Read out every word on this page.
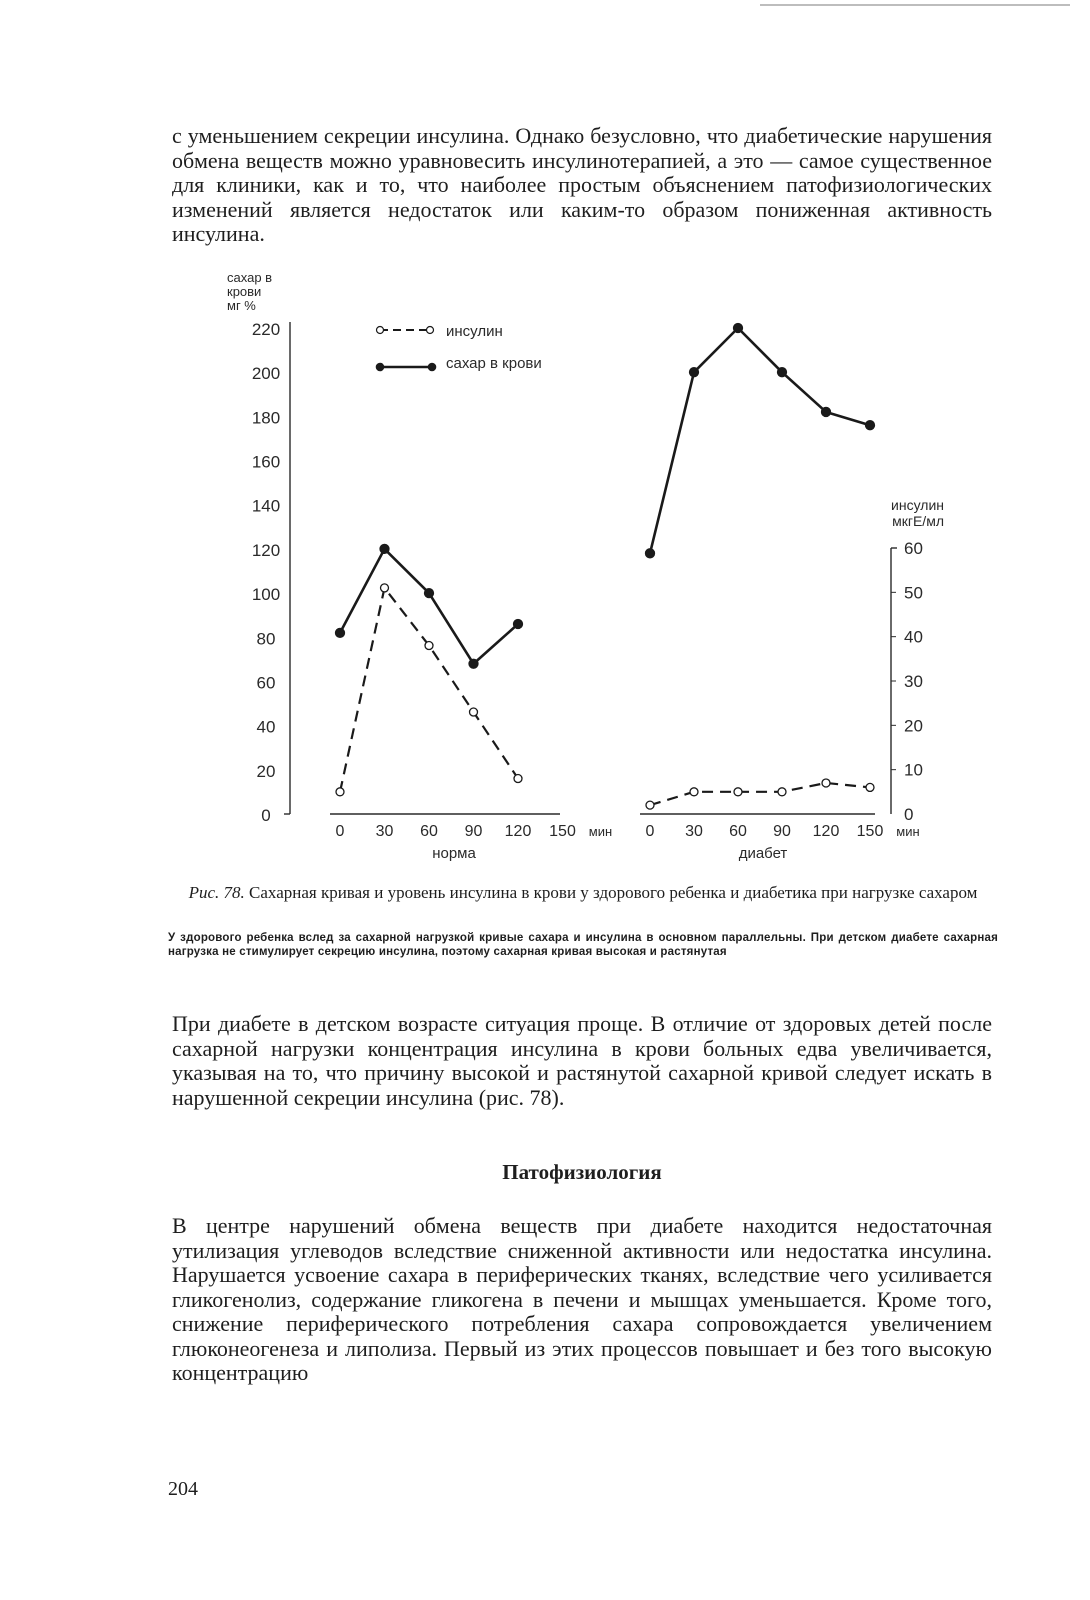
с уменьшением секреции инсулина. Однако безусловно, что диабетические нарушения обмена веществ можно уравновесить инсулинотерапией, а это — самое существенное для клиники, как и то, что наиболее простым объяснением патофизиологических изменений является недостаток или каким-то образом пониженная активность инсулина.

сахар в
крови
мг %
0
20
40
60
80
100
120
140
160
180
200
220
инсулин
мкгЕ/мл
0
10
20
30
40
50
60
0 30 60 90 120 150 мин
норма
0 30 60 90 120 150 мин
диабет
инсулин
сахар в крови

Рис. 78. Сахарная кривая и уровень инсулина в крови у здорового ребенка и диабетика при нагрузке сахаром

У здорового ребенка вслед за сахарной нагрузкой кривые сахара и инсулина в основном параллельны. При детском диабете сахарная нагрузка не стимулирует секрецию инсулина, поэтому сахарная кривая высокая и растянутая

При диабете в детском возрасте ситуация проще. В отличие от здоровых детей после сахарной нагрузки концентрация инсулина в крови больных едва увеличивается, указывая на то, что причину высокой и растянутой сахарной кривой следует искать в нарушенной секреции инсулина (рис. 78).

Патофизиология

В центре нарушений обмена веществ при диабете находится недостаточная утилизация углеводов вследствие сниженной активности или недостатка инсулина. Нарушается усвоение сахара в периферических тканях, вследствие чего усиливается гликогенолиз, содержание гликогена в печени и мышцах уменьшается. Кроме того, снижение периферического потребления сахара сопровождается увеличением глюконеогенеза и липолиза. Первый из этих процессов повышает и без того высокую концентрацию

204
